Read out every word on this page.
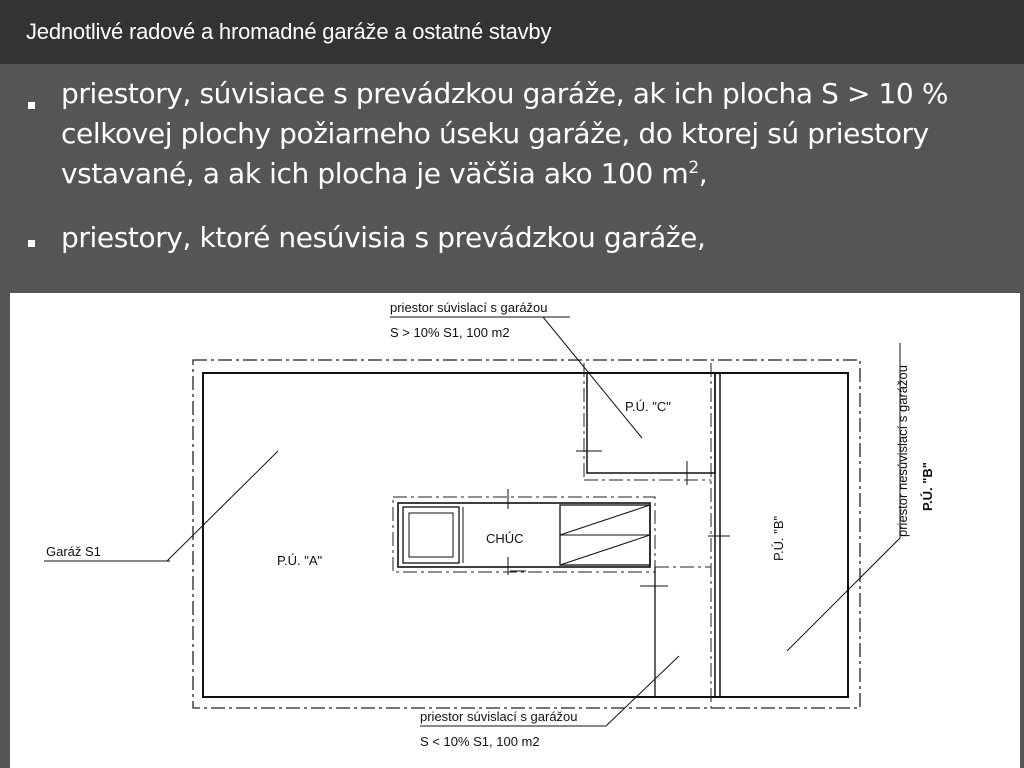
Jednotlivé radové a hromadné garáže a ostatné stavby
priestory, súvisiace s prevádzkou garáže, ak ich plocha S > 10 % celkovej plochy požiarneho úseku garáže, do ktorej sú priestory vstavané, a ak ich plocha je väčšia ako 100 $m^2$,
priestory, ktoré nesúvisia s prevádzkou garáže,
priestor súvislací s garážou
S > 10% S1, 100 m2
priestor súvislací s garážou
S < 10% S1, 100 m2
Garáž S1
P.Ú. "A"
P.Ú. "C"
CHÚC	P.Ú. "B"
priestor nesúvislací s garážou P.Ú. "B"
